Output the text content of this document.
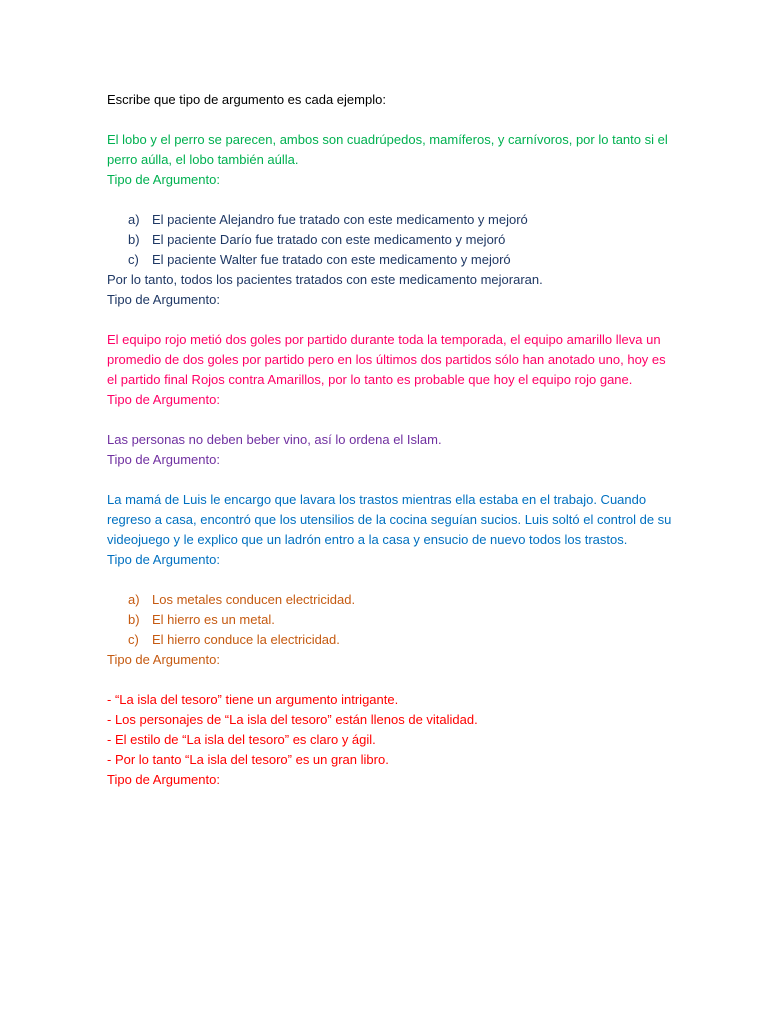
Escribe que tipo de argumento es cada ejemplo:

El lobo y el perro se parecen, ambos son cuadrúpedos, mamíferos, y carnívoros, por lo tanto si el

perro aúlla, el lobo también aúlla.

Tipo de Argumento:

a) El paciente Alejandro fue tratado con este medicamento y mejoró

b) El paciente Darío fue tratado con este medicamento y mejoró

c) El paciente Walter fue tratado con este medicamento y mejoró

Por lo tanto, todos los pacientes tratados con este medicamento mejoraran.

Tipo de Argumento:

El equipo rojo metió dos goles por partido durante toda la temporada, el equipo amarillo lleva un

promedio de dos goles por partido pero en los últimos dos partidos sólo han anotado uno, hoy es

el partido final Rojos contra Amarillos, por lo tanto es probable que hoy el equipo rojo gane.

Tipo de Argumento:

Las personas no deben beber vino, así lo ordena el Islam.

Tipo de Argumento:

La mamá de Luis le encargo que lavara los trastos mientras ella estaba en el trabajo. Cuando

regreso a casa, encontró que los utensilios de la cocina seguían sucios. Luis soltó el control de su

videojuego y le explico que un ladrón entro a la casa y ensucio de nuevo todos los trastos.

Tipo de Argumento:

a) Los metales conducen electricidad.

b) El hierro es un metal.

c) El hierro conduce la electricidad.

Tipo de Argumento:

- “La isla del tesoro” tiene un argumento intrigante.

- Los personajes de “La isla del tesoro” están llenos de vitalidad.

- El estilo de “La isla del tesoro” es claro y ágil.

- Por lo tanto “La isla del tesoro” es un gran libro.

Tipo de Argumento:
